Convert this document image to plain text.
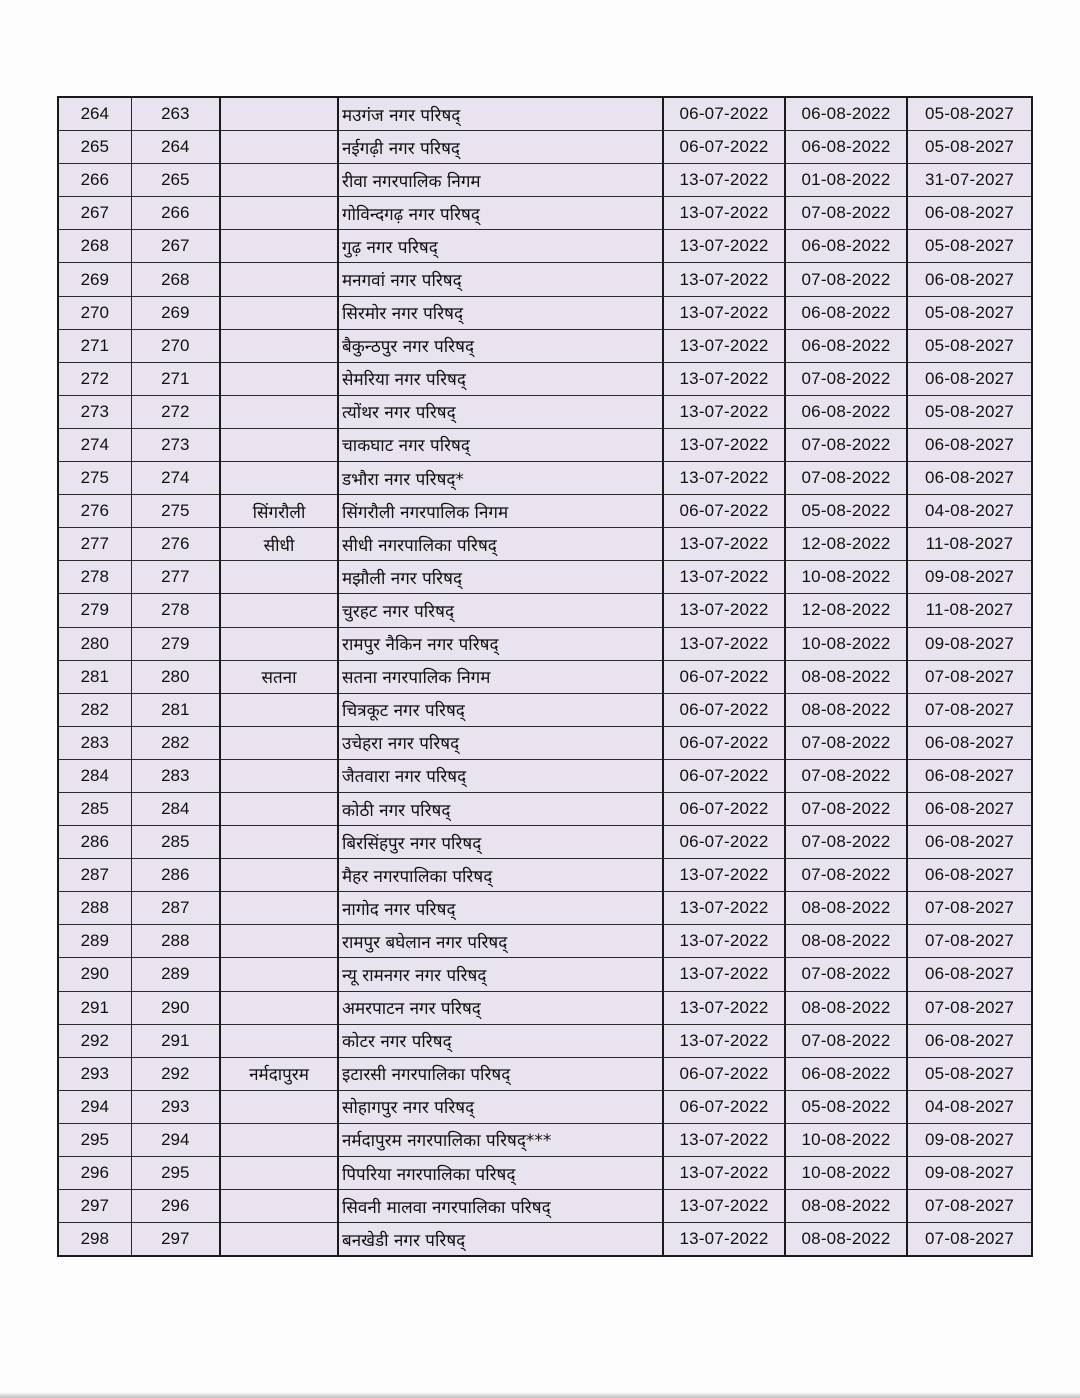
264	263		मउगंज नगर परिषद्	06-07-2022	06-08-2022	05-08-2027
265	264		नईगढ़ी नगर परिषद्	06-07-2022	06-08-2022	05-08-2027
266	265		रीवा नगरपालिक निगम	13-07-2022	01-08-2022	31-07-2027
267	266		गोविन्दगढ़ नगर परिषद्	13-07-2022	07-08-2022	06-08-2027
268	267		गुढ़ नगर परिषद्	13-07-2022	06-08-2022	05-08-2027
269	268		मनगवां नगर परिषद्	13-07-2022	07-08-2022	06-08-2027
270	269		सिरमोर नगर परिषद्	13-07-2022	06-08-2022	05-08-2027
271	270		बैकुन्ठपुर नगर परिषद्	13-07-2022	06-08-2022	05-08-2027
272	271		सेमरिया नगर परिषद्	13-07-2022	07-08-2022	06-08-2027
273	272		त्योंथर नगर परिषद्	13-07-2022	06-08-2022	05-08-2027
274	273		चाकघाट नगर परिषद्	13-07-2022	07-08-2022	06-08-2027
275	274		डभौरा नगर परिषद्*	13-07-2022	07-08-2022	06-08-2027
276	275	सिंगरौली	सिंगरौली नगरपालिक निगम	06-07-2022	05-08-2022	04-08-2027
277	276	सीधी	सीधी नगरपालिका परिषद्	13-07-2022	12-08-2022	11-08-2027
278	277		मझौली नगर परिषद्	13-07-2022	10-08-2022	09-08-2027
279	278		चुरहट नगर परिषद्	13-07-2022	12-08-2022	11-08-2027
280	279		रामपुर नैकिन नगर परिषद्	13-07-2022	10-08-2022	09-08-2027
281	280	सतना	सतना नगरपालिक निगम	06-07-2022	08-08-2022	07-08-2027
282	281		चित्रकूट नगर परिषद्	06-07-2022	08-08-2022	07-08-2027
283	282		उचेहरा नगर परिषद्	06-07-2022	07-08-2022	06-08-2027
284	283		जैतवारा नगर परिषद्	06-07-2022	07-08-2022	06-08-2027
285	284		कोठी नगर परिषद्	06-07-2022	07-08-2022	06-08-2027
286	285		बिरसिंहपुर नगर परिषद्	06-07-2022	07-08-2022	06-08-2027
287	286		मैहर नगरपालिका परिषद्	13-07-2022	07-08-2022	06-08-2027
288	287		नागोद नगर परिषद्	13-07-2022	08-08-2022	07-08-2027
289	288		रामपुर बघेलान नगर परिषद्	13-07-2022	08-08-2022	07-08-2027
290	289		न्यू रामनगर नगर परिषद्	13-07-2022	07-08-2022	06-08-2027
291	290		अमरपाटन नगर परिषद्	13-07-2022	08-08-2022	07-08-2027
292	291		कोटर नगर परिषद्	13-07-2022	07-08-2022	06-08-2027
293	292	नर्मदापुरम	इटारसी नगरपालिका परिषद्	06-07-2022	06-08-2022	05-08-2027
294	293		सोहागपुर नगर परिषद्	06-07-2022	05-08-2022	04-08-2027
295	294		नर्मदापुरम नगरपालिका परिषद्***	13-07-2022	10-08-2022	09-08-2027
296	295		पिपरिया नगरपालिका परिषद्	13-07-2022	10-08-2022	09-08-2027
297	296		सिवनी मालवा नगरपालिका परिषद्	13-07-2022	08-08-2022	07-08-2027
298	297		बनखेडी नगर परिषद्	13-07-2022	08-08-2022	07-08-2027
